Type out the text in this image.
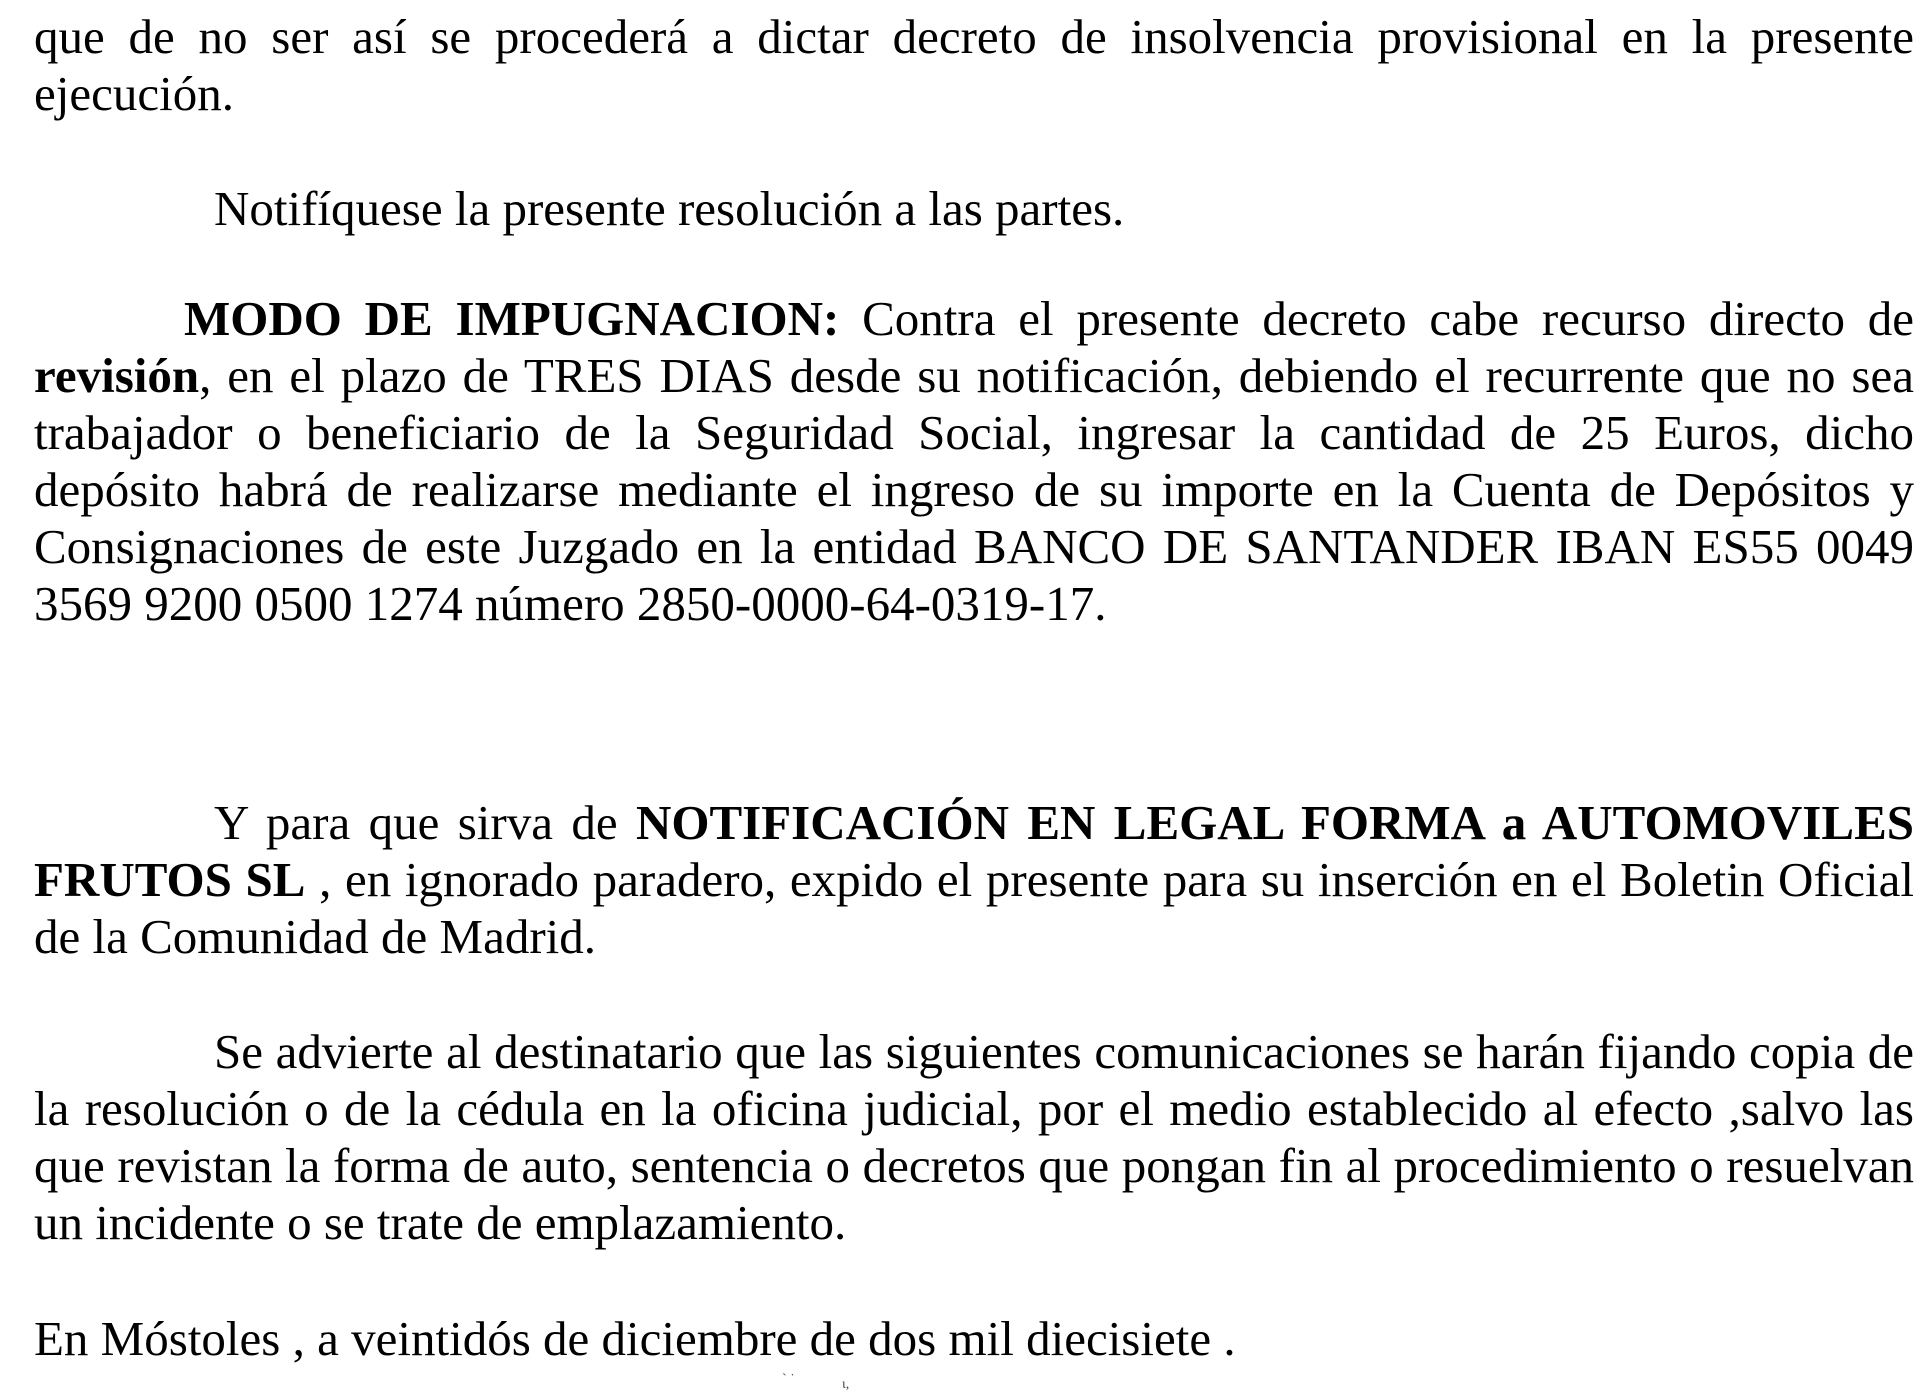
que de no ser así se procederá a dictar decreto de insolvencia provisional en la presente ejecución.

Notifíquese la presente resolución a las partes.

MODO DE IMPUGNACION: Contra el presente decreto cabe recurso directo de revisión, en el plazo de TRES DIAS desde su notificación, debiendo el recurrente que no sea trabajador o beneficiario de la Seguridad Social, ingresar la cantidad de 25 Euros, dicho depósito habrá de realizarse mediante el ingreso de su importe en la Cuenta de Depósitos y Consignaciones de este Juzgado en la entidad BANCO DE SANTANDER IBAN ES55 0049 3569 9200 0500 1274 número 2850-0000-64-0319-17.

Y para que sirva de NOTIFICACIÓN EN LEGAL FORMA a AUTOMOVILES FRUTOS SL , en ignorado paradero, expido el presente para su inserción en el Boletin Oficial de la Comunidad de Madrid.

Se advierte al destinatario que las siguientes comunicaciones se harán fijando copia de la resolución o de la cédula en la oficina judicial, por el medio establecido al efecto ,salvo las que revistan la forma de auto, sentencia o decretos que pongan fin al procedimiento o resuelvan un incidente o se trate de emplazamiento.

En Móstoles , a veintidós de diciembre de dos mil diecisiete .

ˋ ˙	ι,
